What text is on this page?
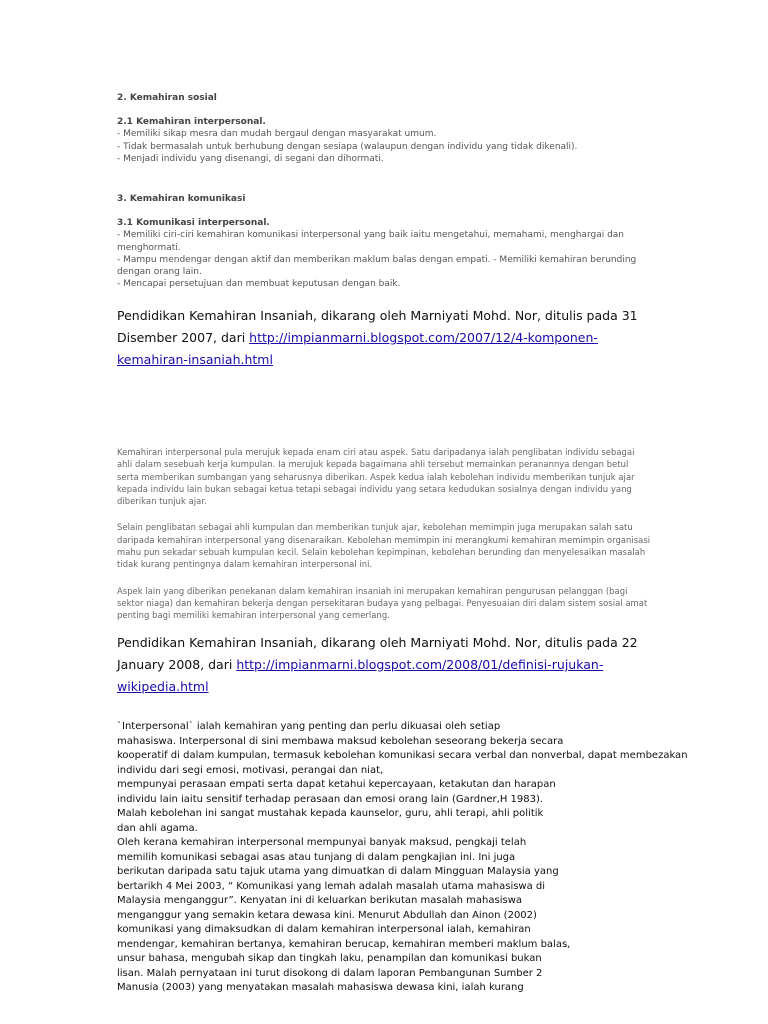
2. Kemahiran sosial

2.1 Kemahiran interpersonal.

- Memiliki sikap mesra dan mudah bergaul dengan masyarakat umum.

- Tidak bermasalah untuk berhubung dengan sesiapa (walaupun dengan individu yang tidak dikenali).

- Menjadi individu yang disenangi, di segani dan dihormati.

3. Kemahiran komunikasi

3.1 Komunikasi interpersonal.

- Memiliki ciri-ciri kemahiran komunikasi interpersonal yang baik iaitu mengetahui, memahami, menghargai dan menghormati.

- Mampu mendengar dengan aktif dan memberikan maklum balas dengan empati. - Memiliki kemahiran berunding dengan orang lain.

- Mencapai persetujuan dan membuat keputusan dengan baik.

Pendidikan Kemahiran Insaniah, dikarang oleh Marniyati Mohd. Nor, ditulis pada 31 Disember 2007, dari http://impianmarni.blogspot.com/2007/12/4-komponen-kemahiran-insaniah.html

Kemahiran interpersonal pula merujuk kepada enam ciri atau aspek. Satu daripadanya ialah penglibatan individu sebagai ahli dalam sesebuah kerja kumpulan. Ia merujuk kepada bagaimana ahli tersebut memainkan peranannya dengan betul serta memberikan sumbangan yang seharusnya diberikan. Aspek kedua ialah kebolehan individu memberikan tunjuk ajar kepada individu lain bukan sebagai ketua tetapi sebagai individu yang setara kedudukan sosialnya dengan individu yang diberikan tunjuk ajar.

Selain penglibatan sebagai ahli kumpulan dan memberikan tunjuk ajar, kebolehan memimpin juga merupakan salah satu daripada kemahiran interpersonal yang disenaraikan. Kebolehan memimpin ini merangkumi kemahiran memimpin organisasi mahu pun sekadar sebuah kumpulan kecil. Selain kebolehan kepimpinan, kebolehan berunding dan menyelesaikan masalah tidak kurang pentingnya dalam kemahiran interpersonal ini.

Aspek lain yang diberikan penekanan dalam kemahiran insaniah ini merupakan kemahiran pengurusan pelanggan (bagi sektor niaga) dan kemahiran bekerja dengan persekitaran budaya yang pelbagai. Penyesuaian diri dalam sistem sosial amat penting bagi memiliki kemahiran interpersonal yang cemerlang.

Pendidikan Kemahiran Insaniah, dikarang oleh Marniyati Mohd. Nor, ditulis pada 22 January 2008, dari http://impianmarni.blogspot.com/2008/01/definisi-rujukan-wikipedia.html
`Interpersonal` ialah kemahiran yang penting dan perlu dikuasai oleh setiap
mahasiswa. Interpersonal di sini membawa maksud kebolehan seseorang bekerja secara
kooperatif di dalam kumpulan, termasuk kebolehan komunikasi secara verbal dan nonverbal, dapat membezakan
individu dari segi emosi, motivasi, perangai dan niat,
mempunyai perasaan empati serta dapat ketahui kepercayaan, ketakutan dan harapan
individu lain iaitu sensitif terhadap perasaan dan emosi orang lain (Gardner,H 1983).
Malah kebolehan ini sangat mustahak kepada kaunselor, guru, ahli terapi, ahli politik
dan ahli agama.
Oleh kerana kemahiran interpersonal mempunyai banyak maksud, pengkaji telah
memilih komunikasi sebagai asas atau tunjang di dalam pengkajian ini. Ini juga
berikutan daripada satu tajuk utama yang dimuatkan di dalam Mingguan Malaysia yang
bertarikh 4 Mei 2003, “ Komunikasi yang lemah adalah masalah utama mahasiswa di
Malaysia menganggur”. Kenyatan ini di keluarkan berikutan masalah mahasiswa
menganggur yang semakin ketara dewasa kini. Menurut Abdullah dan Ainon (2002)
komunikasi yang dimaksudkan di dalam kemahiran interpersonal ialah, kemahiran
mendengar, kemahiran bertanya, kemahiran berucap, kemahiran memberi maklum balas,
unsur bahasa, mengubah sikap dan tingkah laku, penampilan dan komunikasi bukan
lisan. Malah pernyataan ini turut disokong di dalam laporan Pembangunan Sumber 2
Manusia (2003) yang menyatakan masalah mahasiswa dewasa kini, ialah kurang
